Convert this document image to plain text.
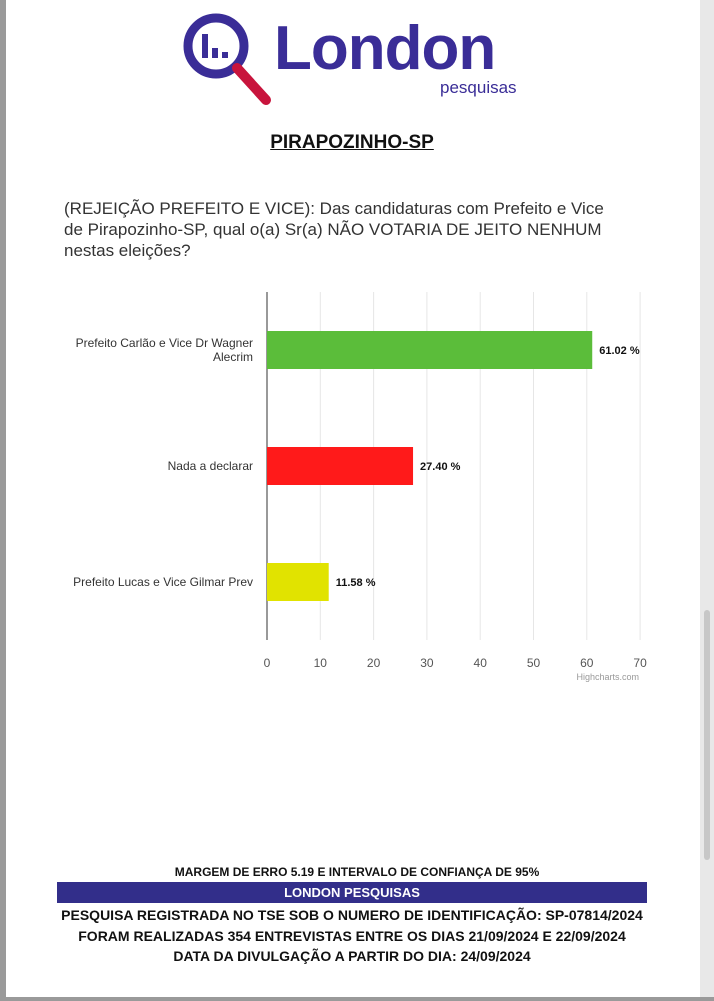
London
pesquisas
PIRAPOZINHO-SP
(REJEIÇÃO PREFEITO E VICE): Das candidaturas com Prefeito e Vice de Pirapozinho-SP, qual o(a) Sr(a) NÃO VOTARIA DE JEITO NENHUM nestas eleições?
0	10	20	30	40	50	60	70
61.02 %
Prefeito Carlão e Vice Dr Wagner
Alecrim
27.40 %
Nada a declarar
11.58 %
Prefeito Lucas e Vice Gilmar Prev
Highcharts.com
MARGEM DE ERRO 5.19 E INTERVALO DE CONFIANÇA DE 95%
LONDON PESQUISAS
PESQUISA REGISTRADA NO TSE SOB O NUMERO DE IDENTIFICAÇÃO: SP-07814/2024
FORAM REALIZADAS 354 ENTREVISTAS ENTRE OS DIAS 21/09/2024 E 22/09/2024
DATA DA DIVULGAÇÃO A PARTIR DO DIA: 24/09/2024
